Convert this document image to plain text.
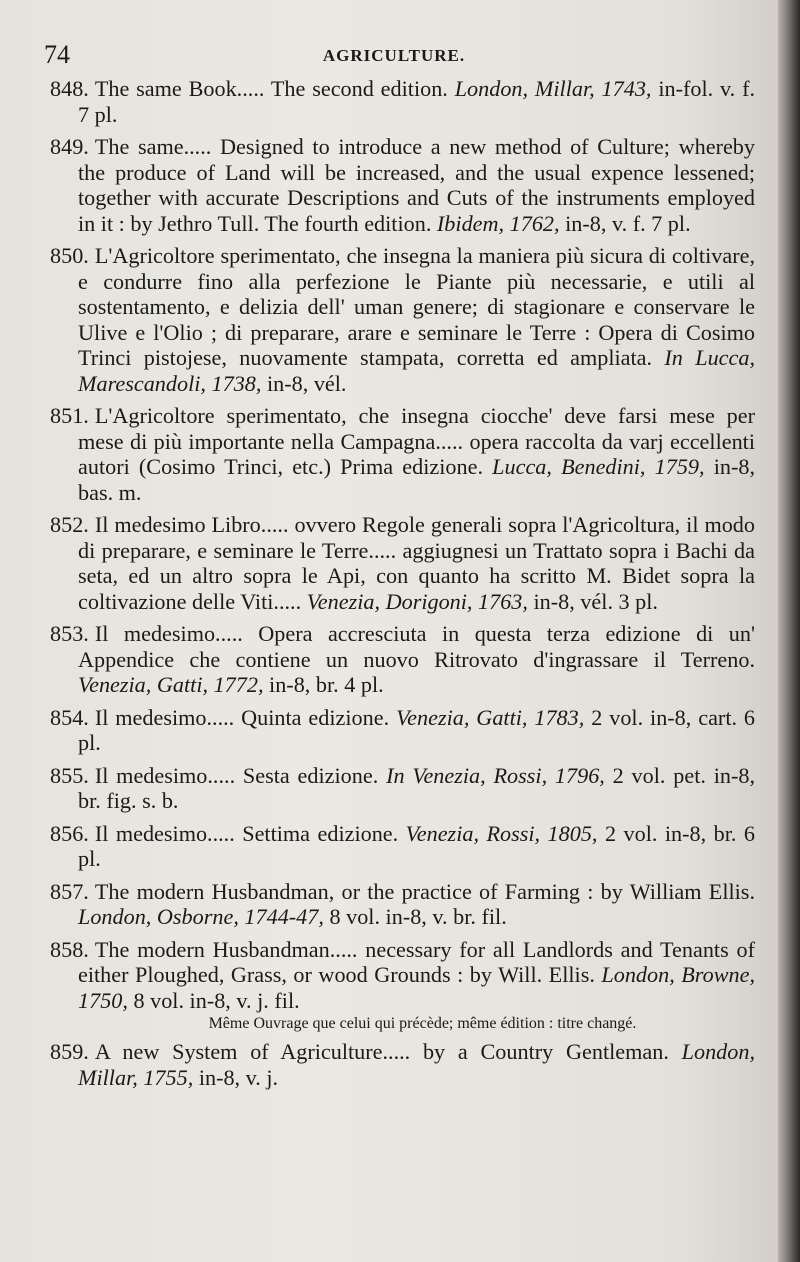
74	AGRICULTURE.

848. The same Book..... The second edition. London, Millar, 1743, in-fol. v. f. 7 pl.

849. The same..... Designed to introduce a new method of Culture; whereby the produce of Land will be increased, and the usual expence lessened; together with accurate Descriptions and Cuts of the instruments employed in it : by Jethro Tull. The fourth edition. Ibidem, 1762, in-8, v. f. 7 pl.

850. L'Agricoltore sperimentato, che insegna la maniera più sicura di coltivare, e condurre fino alla perfezione le Piante più necessarie, e utili al sostentamento, e delizia dell' uman genere; di stagionare e conservare le Ulive e l'Olio ; di preparare, arare e seminare le Terre : Opera di Cosimo Trinci pistojese, nuovamente stampata, corretta ed ampliata. In Lucca, Marescandoli, 1738, in-8, vél.

851. L'Agricoltore sperimentato, che insegna ciocche' deve farsi mese per mese di più importante nella Campagna..... opera raccolta da varj eccellenti autori (Cosimo Trinci, etc.) Prima edizione. Lucca, Benedini, 1759, in-8, bas. m.

852. Il medesimo Libro..... ovvero Regole generali sopra l'Agricoltura, il modo di preparare, e seminare le Terre..... aggiugnesi un Trattato sopra i Bachi da seta, ed un altro sopra le Api, con quanto ha scritto M. Bidet sopra la coltivazione delle Viti..... Venezia, Dorigoni, 1763, in-8, vél. 3 pl.

853. Il medesimo..... Opera accresciuta in questa terza edizione di un' Appendice che contiene un nuovo Ritrovato d'ingrassare il Terreno. Venezia, Gatti, 1772, in-8, br. 4 pl.

854. Il medesimo..... Quinta edizione. Venezia, Gatti, 1783, 2 vol. in-8, cart. 6 pl.

855. Il medesimo..... Sesta edizione. In Venezia, Rossi, 1796, 2 vol. pet. in-8, br. fig. s. b.

856. Il medesimo..... Settima edizione. Venezia, Rossi, 1805, 2 vol. in-8, br. 6 pl.

857. The modern Husbandman, or the practice of Farming : by William Ellis. London, Osborne, 1744-47, 8 vol. in-8, v. br. fil.

858. The modern Husbandman..... necessary for all Landlords and Tenants of either Ploughed, Grass, or wood Grounds : by Will. Ellis. London, Browne, 1750, 8 vol. in-8, v. j. fil.

Même Ouvrage que celui qui précède; même édition : titre changé.

859. A new System of Agriculture..... by a Country Gentleman. London, Millar, 1755, in-8, v. j.
